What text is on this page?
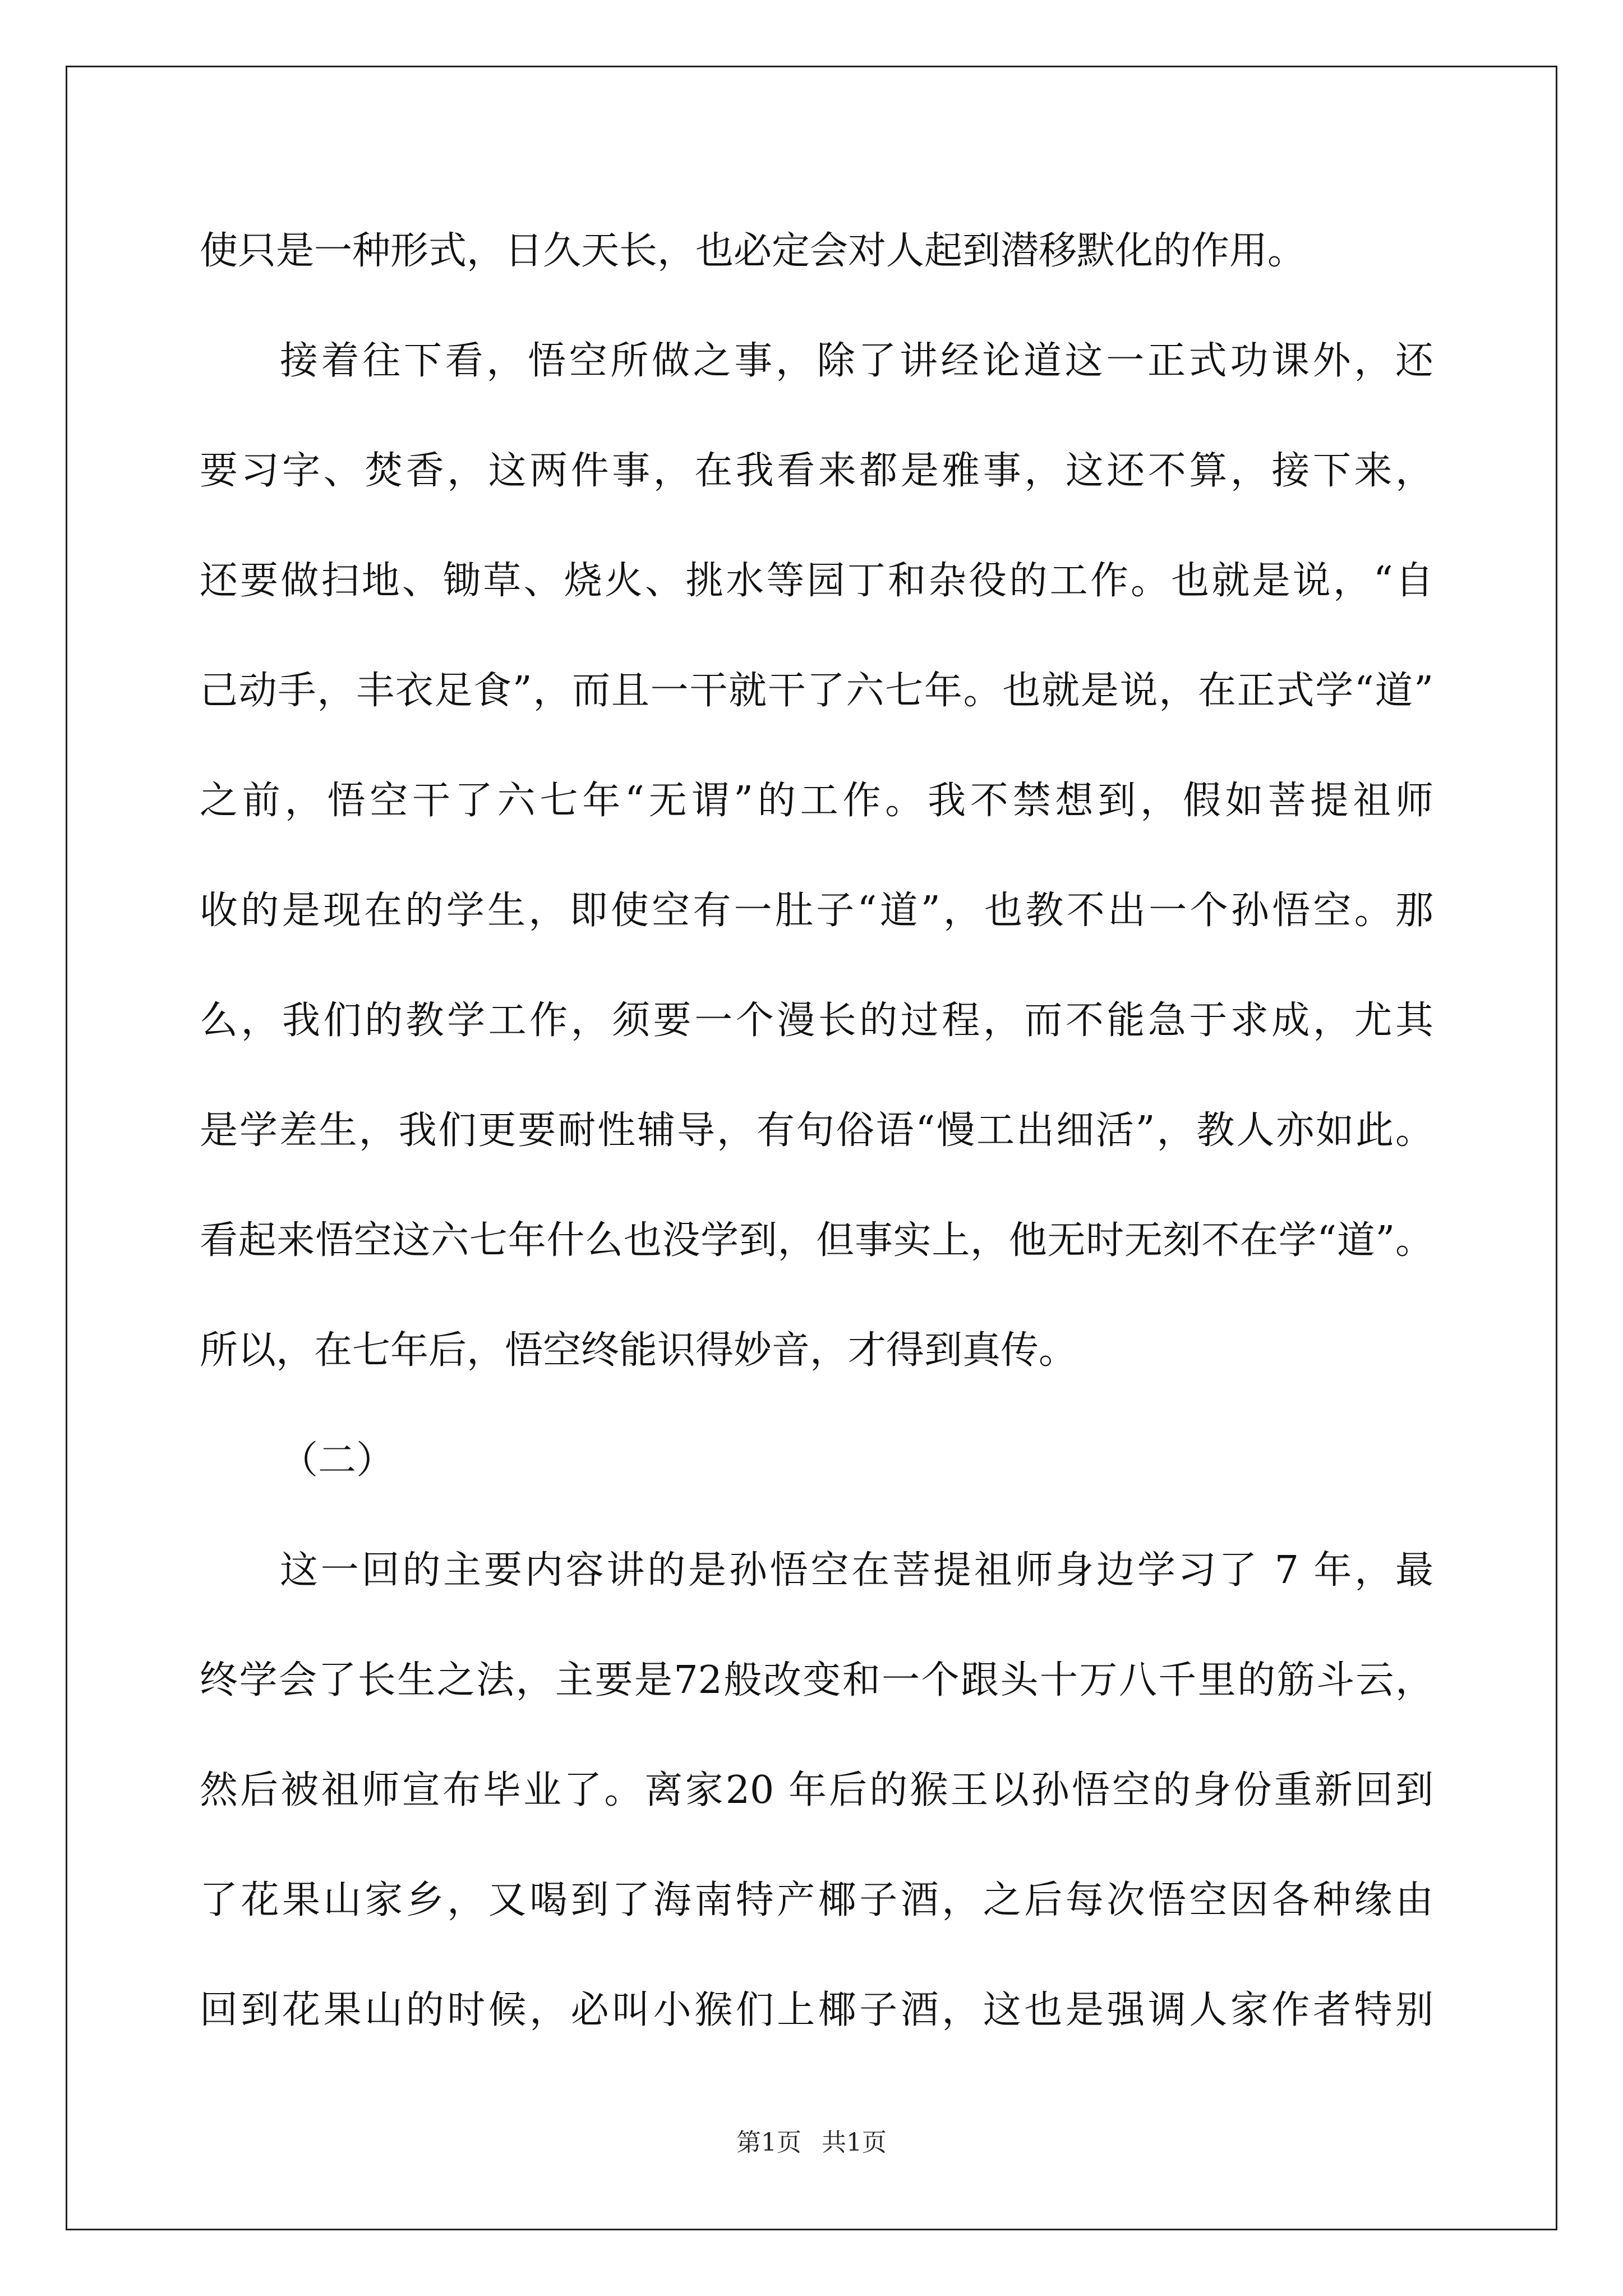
使只是一种形式，日久天长，也必定会对人起到潜移默化的作用。
接着往下看，悟空所做之事，除了讲经论道这一正式功课外，还
要习字、焚香，这两件事，在我看来都是雅事，这还不算，接下来，
还要做扫地、锄草、烧火、挑水等园丁和杂役的工作。也就是说，“自
己动手，丰衣足食”，而且一干就干了六七年。也就是说，在正式学“道”
之前，悟空干了六七年“无谓”的工作。我不禁想到，假如菩提祖师
收的是现在的学生，即使空有一肚子“道”，也教不出一个孙悟空。那
么，我们的教学工作，须要一个漫长的过程，而不能急于求成，尤其
是学差生，我们更要耐性辅导，有句俗语“慢工出细活”，教人亦如此。
看起来悟空这六七年什么也没学到，但事实上，他无时无刻不在学“道”。
所以，在七年后，悟空终能识得妙音，才得到真传。
（二）
这一回的主要内容讲的是孙悟空在菩提祖师身边学习了 7 年，最
终学会了长生之法，主要是72般改变和一个跟头十万八千里的筋斗云，
然后被祖师宣布毕业了。离家20 年后的猴王以孙悟空的身份重新回到
了花果山家乡，又喝到了海南特产椰子酒，之后每次悟空因各种缘由
回到花果山的时候，必叫小猴们上椰子酒，这也是强调人家作者特别
第1页 共1页
